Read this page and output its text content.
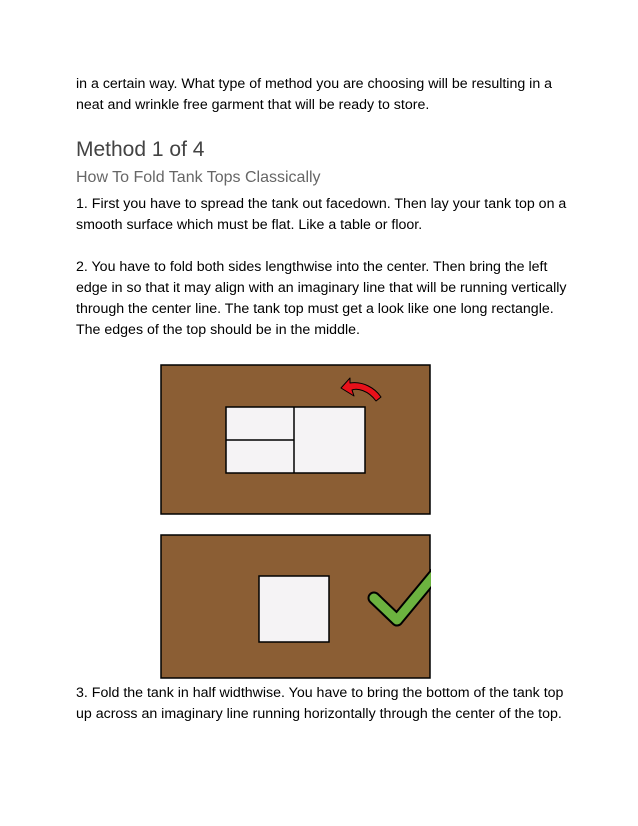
in a certain way. What type of method you are choosing will be resulting in a neat and wrinkle free garment that will be ready to store.

Method 1 of 4
How To Fold Tank Tops Classically

1. First you have to spread the tank out facedown. Then lay your tank top on a smooth surface which must be flat. Like a table or floor.

2. You have to fold both sides lengthwise into the center. Then bring the left edge in so that it may align with an imaginary line that will be running vertically through the center line. The tank top must get a look like one long rectangle. The edges of the top should be in the middle.

3. Fold the tank in half widthwise. You have to bring the bottom of the tank top up across an imaginary line running horizontally through the center of the top.
